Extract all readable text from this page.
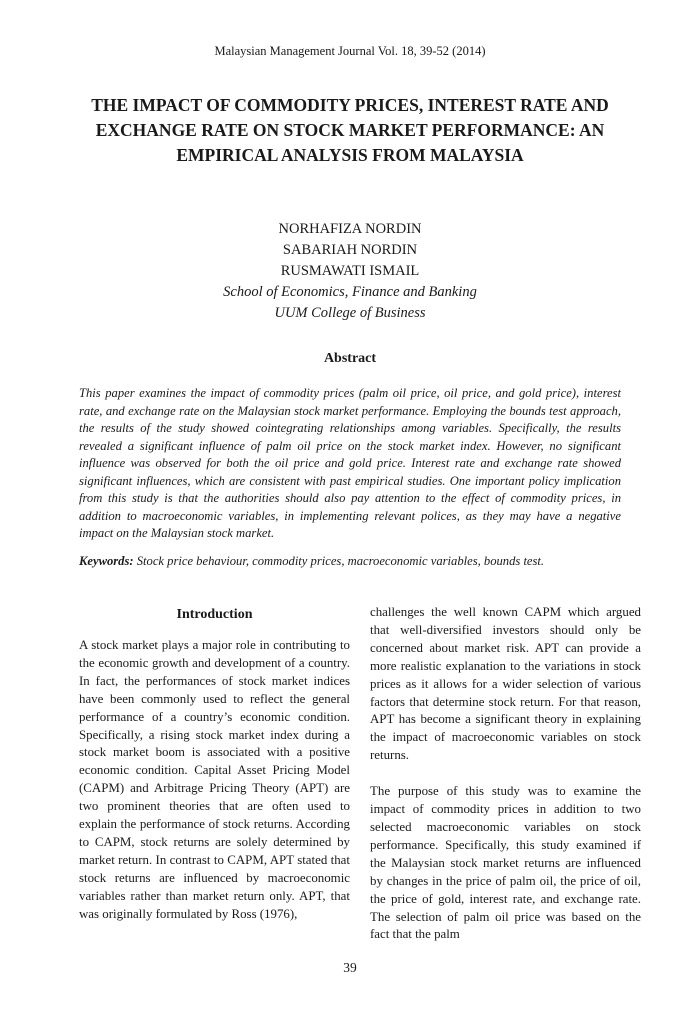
Malaysian Management Journal Vol. 18, 39-52 (2014)
THE IMPACT OF COMMODITY PRICES, INTEREST RATE AND EXCHANGE RATE ON STOCK MARKET PERFORMANCE: AN EMPIRICAL ANALYSIS FROM MALAYSIA
NORHAFIZA NORDIN
SABARIAH NORDIN
RUSMAWATI ISMAIL
School of Economics, Finance and Banking
UUM College of Business
Abstract

This paper examines the impact of commodity prices (palm oil price, oil price, and gold price), interest rate, and exchange rate on the Malaysian stock market performance. Employing the bounds test approach, the results of the study showed cointegrating relationships among variables. Specifically, the results revealed a significant influence of palm oil price on the stock market index. However, no significant influence was observed for both the oil price and gold price. Interest rate and exchange rate showed significant influences, which are consistent with past empirical studies. One important policy implication from this study is that the authorities should also pay attention to the effect of commodity prices, in addition to macroeconomic variables, in implementing relevant polices, as they may have a negative impact on the Malaysian stock market.

Keywords: Stock price behaviour, commodity prices, macroeconomic variables, bounds test.

Introduction

A stock market plays a major role in contributing to the economic growth and development of a country. In fact, the performances of stock market indices have been commonly used to reflect the general performance of a country’s economic condition. Specifically, a rising stock market index during a stock market boom is associated with a positive economic condition. Capital Asset Pricing Model (CAPM) and Arbitrage Pricing Theory (APT) are two prominent theories that are often used to explain the performance of stock returns. According to CAPM, stock returns are solely determined by market return. In contrast to CAPM, APT stated that stock returns are influenced by macroeconomic variables rather than market return only. APT, that was originally formulated by Ross (1976),

challenges the well known CAPM which argued that well-diversified investors should only be concerned about market risk. APT can provide a more realistic explanation to the variations in stock prices as it allows for a wider selection of various factors that determine stock return. For that reason, APT has become a significant theory in explaining the impact of macroeconomic variables on stock returns.

The purpose of this study was to examine the impact of commodity prices in addition to two selected macroeconomic variables on stock performance. Specifically, this study examined if the Malaysian stock market returns are influenced by changes in the price of palm oil, the price of oil, the price of gold, interest rate, and exchange rate. The selection of palm oil price was based on the fact that the palm

39
